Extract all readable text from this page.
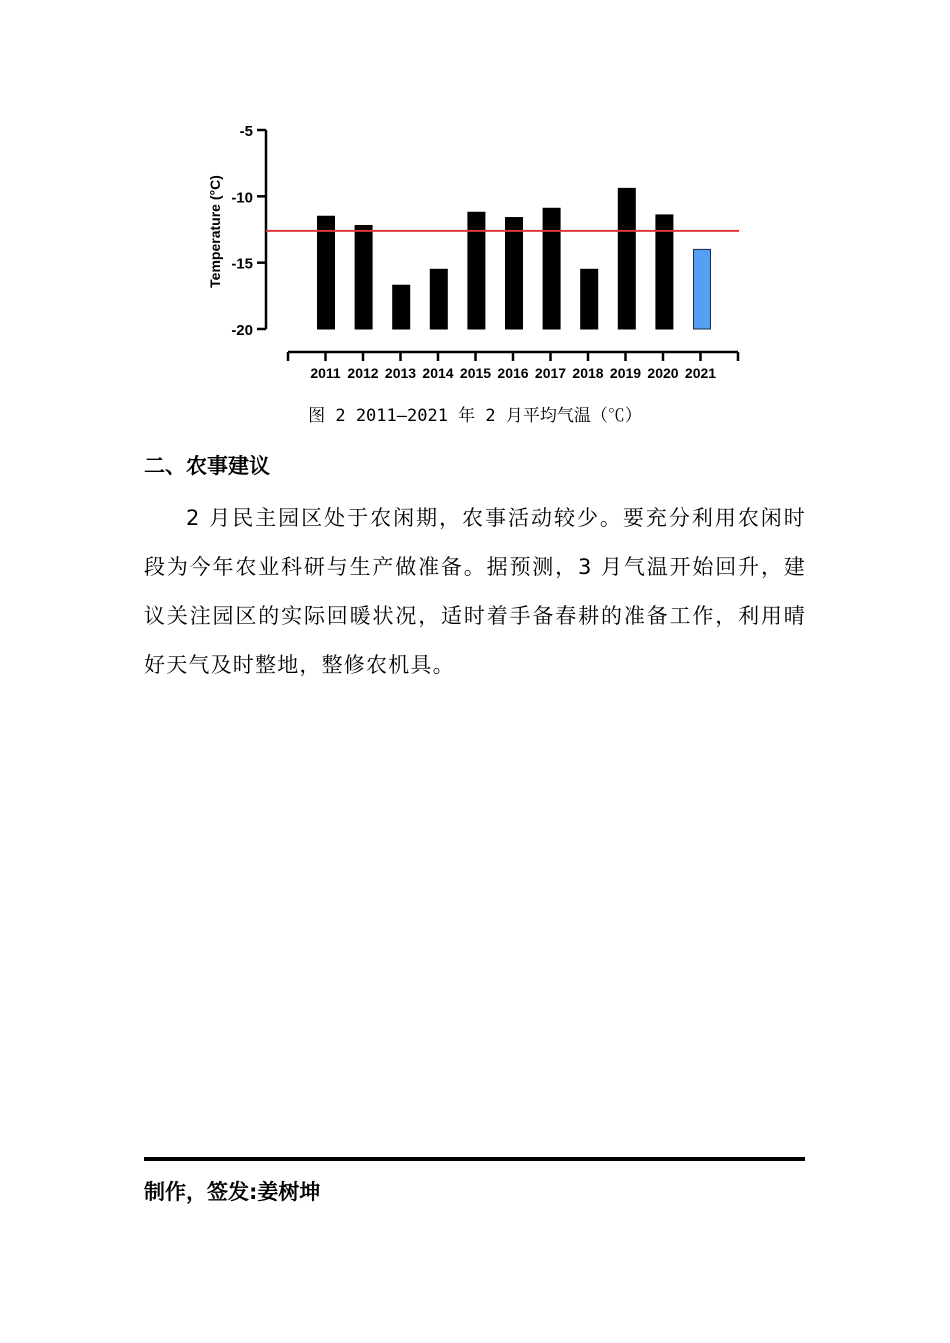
-5
-10
-15
-20
Temperature (°C)
2011 2012 2013 2014 2015 2016 2017 2018 2019 2020 2021
图 2 2011—2021 年 2 月平均气温（℃）
二、农事建议
2 月民主园区处于农闲期，农事活动较少。要充分利用农闲时段为今年农业科研与生产做准备。据预测，3 月气温开始回升，建议关注园区的实际回暖状况，适时着手备春耕的准备工作，利用晴好天气及时整地，整修农机具。
制作，签发:姜树坤
